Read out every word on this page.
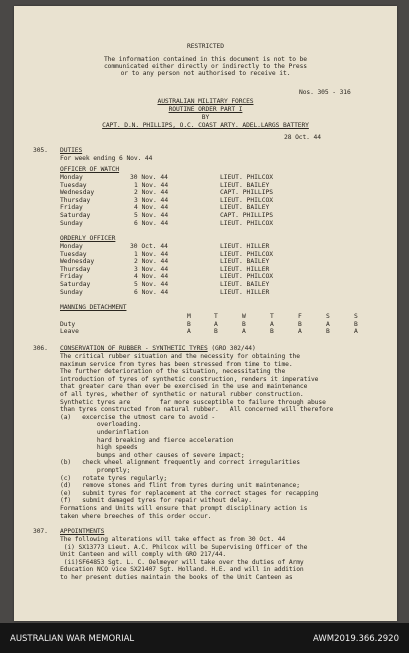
RESTRICTED
The information contained in this document is not to be
communicated either directly or indirectly to the Press
or to any person not authorised to receive it.
Nos. 305 - 316
AUSTRALIAN MILITARY FORCES
ROUTINE ORDER PART I
BY
CAPT. D.N. PHILLIPS, O.C. COAST ARTY. ADEL.LARGS BATTERY
28 Oct. 44
305. DUTIES
For week ending 6 Nov. 44
OFFICER OF WATCH
Monday	30 Nov. 44	LIEUT. PHILCOX
Tuesday	1 Nov. 44	LIEUT. BAILEY
Wednesday	2 Nov. 44	CAPT. PHILLIPS
Thursday	3 Nov. 44	LIEUT. PHILCOX
Friday	4 Nov. 44	LIEUT. BAILEY
Saturday	5 Nov. 44	CAPT. PHILLIPS
Sunday	6 Nov. 44	LIEUT. PHILCOX
ORDERLY OFFICER
Monday	30 Oct. 44	LIEUT. HILLER
Tuesday	1 Nov. 44	LIEUT. PHILCOX
Wednesday	2 Nov. 44	LIEUT. BAILEY
Thursday	3 Nov. 44	LIEUT. HILLER
Friday	4 Nov. 44	LIEUT. PHILCOX
Saturday	5 Nov. 44	LIEUT. BAILEY
Sunday	6 Nov. 44	LIEUT. HILLER
MANNING DETACHMENT
M	T	W	T	F	S	S
Duty	B	A	B	A	B	A	B
Leave	A	B	A	B	A	B	A
306. CONSERVATION OF RUBBER - SYNTHETIC TYRES (GRO 302/44)
The critical rubber situation and the necessity for obtaining the
maximum service from tyres has been stressed from time to time.
The further deterioration of the situation, necessitating the
introduction of tyres of synthetic construction, renders it imperative
that greater care than ever be exercised in the use and maintenance
of all tyres, whether of synthetic or natural rubber construction.
Synthetic tyres are        far more susceptible to failure through abuse
than tyres constructed from natural rubber.   All concerned will therefore
(a)   excercise the utmost care to avoid -
overloading.
underinflation
hard breaking and fierce acceleration
high speeds
bumps and other causes of severe impact;
(b)   check wheel alignment frequently and correct irregularities
promptly;
(c)   rotate tyres regularly;
(d)   remove stones and flint from tyres during unit maintenance;
(e)   submit tyres for replacement at the correct stages for recapping
(f)   submit damaged tyres for repair without delay.
Formations and Units will ensure that prompt disciplinary action is
taken where breeches of this order occur.
307. APPOINTMENTS
The following alterations will take effect as from 30 Oct. 44
(i) SX13773 Lieut. A.C. Philcox will be Supervising Officer of the
Unit Canteen and will comply with GRO 217/44.
(ii)SF64853 Sgt. L. C. Oelmeyer will take over the duties of Army
Education NCO vice SX21407 Sgt. Holland. H.E. and will in addition
to her present duties maintain the books of the Unit Canteen as
AUSTRALIAN WAR MEMORIAL	AWM2019.366.2920
